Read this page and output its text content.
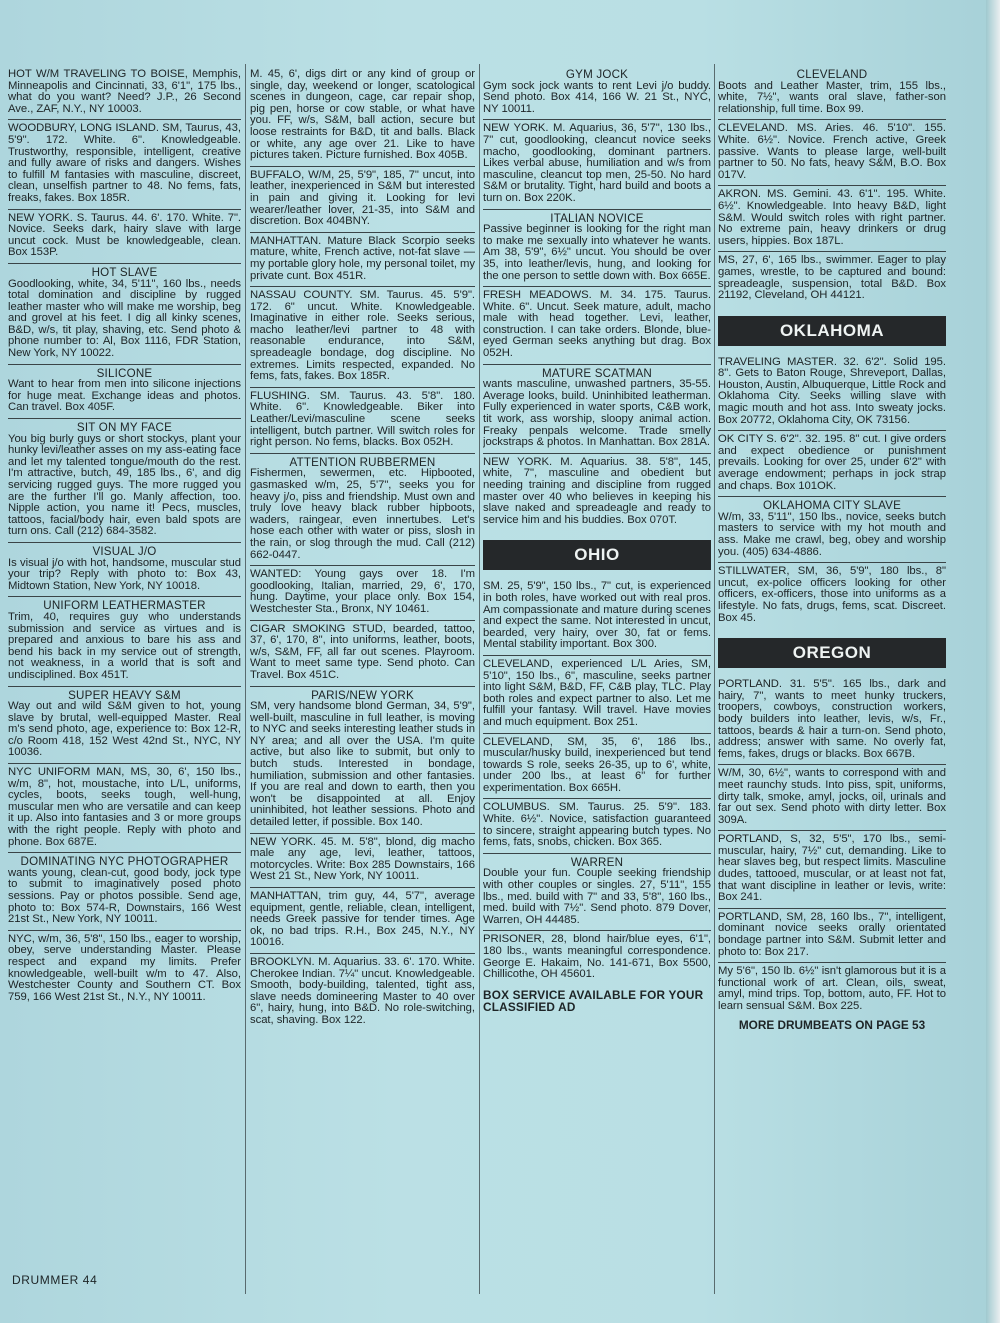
HOT W/M TRAVELING TO BOISE, Memphis, Minneapolis and Cincinnati, 33, 6'1", 175 lbs., what do you want? Need? J.P., 26 Second Ave., ZAF, N.Y., NY 10003.
WOODBURY, LONG ISLAND. SM, Taurus, 43, 5'9". 172. White. 6". Knowledgeable. Trustworthy, responsible, intelligent, creative and fully aware of risks and dangers. Wishes to fulfill M fantasies with masculine, discreet, clean, unselfish partner to 48. No fems, fats, freaks, fakes. Box 185R.
NEW YORK. S. Taurus. 44. 6'. 170. White. 7". Novice. Seeks dark, hairy slave with large uncut cock. Must be knowledgeable, clean. Box 153P.
HOT SLAVE
Goodlooking, white, 34, 5'11", 160 lbs., needs total domination and discipline by rugged leather master who will make me worship, beg and grovel at his feet. I dig all kinky scenes, B&D, w/s, tit play, shaving, etc. Send photo & phone number to: Al, Box 1116, FDR Station, New York, NY 10022.
SILICONE
Want to hear from men into silicone injections for huge meat. Exchange ideas and photos. Can travel. Box 405F.
SIT ON MY FACE
You big burly guys or short stockys, plant your hunky levi/leather asses on my ass-eating face and let my talented tongue/mouth do the rest. I'm attractive, butch, 49, 185 lbs., 6', and dig servicing rugged guys. The more rugged you are the further I'll go. Manly affection, too. Nipple action, you name it! Pecs, muscles, tattoos, facial/body hair, even bald spots are turn ons. Call (212) 684-3582.
VISUAL J/O
Is visual j/o with hot, handsome, muscular stud your trip? Reply with photo to: Box 43, Midtown Station, New York, NY 10018.
UNIFORM LEATHERMASTER
Trim, 40, requires guy who understands submission and service as virtues and is prepared and anxious to bare his ass and bend his back in my service out of strength, not weakness, in a world that is soft and undisciplined. Box 451T.
SUPER HEAVY S&M
Way out and wild S&M given to hot, young slave by brutal, well-equipped Master. Real m's send photo, age, experience to: Box 12-R, c/o Room 418, 152 West 42nd St., NYC, NY 10036.
NYC UNIFORM MAN, MS, 30, 6', 150 lbs., w/m, 8", hot, moustache, into L/L, uniforms, cycles, boots, seeks tough, well-hung, muscular men who are versatile and can keep it up. Also into fantasies and 3 or more groups with the right people. Reply with photo and phone. Box 687E.
DOMINATING NYC PHOTOGRAPHER
wants young, clean-cut, good body, jock type to submit to imaginatively posed photo sessions. Pay or photos possible. Send age, photo to: Box 574-R, Downstairs, 166 West 21st St., New York, NY 10011.
NYC, w/m, 36, 5'8", 150 lbs., eager to worship, obey, serve understanding Master. Please respect and expand my limits. Prefer knowledgeable, well-built w/m to 47. Also, Westchester County and Southern CT. Box 759, 166 West 21st St., N.Y., NY 10011.
M. 45, 6', digs dirt or any kind of group or single, day, weekend or longer, scatological scenes in dungeon, cage, car repair shop, pig pen, horse or cow stable, or what have you. FF, w/s, S&M, ball action, secure but loose restraints for B&D, tit and balls. Black or white, any age over 21. Like to have pictures taken. Picture furnished. Box 405B.
BUFFALO, W/M, 25, 5'9", 185, 7" uncut, into leather, inexperienced in S&M but interested in pain and giving it. Looking for levi wearer/leather lover, 21-35, into S&M and discretion. Box 404BNY.
MANHATTAN. Mature Black Scorpio seeks mature, white, French active, not-fat slave — my portable glory hole, my personal toilet, my private cunt. Box 451R.
NASSAU COUNTY. SM. Taurus. 45. 5'9". 172. 6" uncut. White. Knowledgeable. Imaginative in either role. Seeks serious, macho leather/levi partner to 48 with reasonable endurance, into S&M, spreadeagle bondage, dog discipline. No extremes. Limits respected, expanded. No fems, fats, fakes. Box 185R.
FLUSHING. SM. Taurus. 43. 5'8". 180. White. 6". Knowledgeable. Biker into Leather/Levi/masculine scene seeks intelligent, butch partner. Will switch roles for right person. No fems, blacks. Box 052H.
ATTENTION RUBBERMEN
Fishermen, sewermen, etc. Hipbooted, gasmasked w/m, 25, 5'7", seeks you for heavy j/o, piss and friendship. Must own and truly love heavy black rubber hipboots, waders, raingear, even innertubes. Let's hose each other with water or piss, slosh in the rain, or slog through the mud. Call (212) 662-0447.
WANTED: Young gays over 18. I'm goodlooking, Italian, married, 29, 6', 170, hung. Daytime, your place only. Box 154, Westchester Sta., Bronx, NY 10461.
CIGAR SMOKING STUD, bearded, tattoo, 37, 6', 170, 8", into uniforms, leather, boots, w/s, S&M, FF, all far out scenes. Playroom. Want to meet same type. Send photo. Can Travel. Box 451C.
PARIS/NEW YORK
SM, very handsome blond German, 34, 5'9", well-built, masculine in full leather, is moving to NYC and seeks interesting leather studs in NY area; and all over the USA. I'm quite active, but also like to submit, but only to butch studs. Interested in bondage, humiliation, submission and other fantasies. If you are real and down to earth, then you won't be disappointed at all. Enjoy uninhibited, hot leather sessions. Photo and detailed letter, if possible. Box 140.
NEW YORK. 45. M. 5'8", blond, dig macho male any age, levi, leather, tattoos, motorcycles. Write: Box 285 Downstairs, 166 West 21 St., New York, NY 10011.
MANHATTAN, trim guy, 44, 5'7", average equipment, gentle, reliable, clean, intelligent, needs Greek passive for tender times. Age ok, no bad trips. R.H., Box 245, N.Y., NY 10016.
BROOKLYN. M. Aquarius. 33. 6'. 170. White. Cherokee Indian. 7¼" uncut. Knowledgeable. Smooth, body-building, talented, tight ass, slave needs domineering Master to 40 over 6", hairy, hung, into B&D. No role-switching, scat, shaving. Box 122.
GYM JOCK
Gym sock jock wants to rent Levi j/o buddy. Send photo. Box 414, 166 W. 21 St., NYC, NY 10011.
NEW YORK. M. Aquarius, 36, 5'7", 130 lbs., 7" cut, goodlooking, cleancut novice seeks macho, goodlooking, dominant partners. Likes verbal abuse, humiliation and w/s from masculine, cleancut top men, 25-50. No hard S&M or brutality. Tight, hard build and boots a turn on. Box 220K.
ITALIAN NOVICE
Passive beginner is looking for the right man to make me sexually into whatever he wants. Am 38, 5'9", 6½" uncut. You should be over 35, into leather/levis, hung, and looking for the one person to settle down with. Box 665E.
FRESH MEADOWS. M. 34. 175. Taurus. White. 6". Uncut. Seek mature, adult, macho male with head together. Levi, leather, construction. I can take orders. Blonde, blue-eyed German seeks anything but drag. Box 052H.
MATURE SCATMAN
wants masculine, unwashed partners, 35-55. Average looks, build. Uninhibited leatherman. Fully experienced in water sports, C&B work, tit work, ass worship, sloopy animal action. Freaky penpals welcome. Trade smelly jockstraps & photos. In Manhattan. Box 281A.
NEW YORK. M. Aquarius. 38. 5'8", 145, white, 7", masculine and obedient but needing training and discipline from rugged master over 40 who believes in keeping his slave naked and spreadeagle and ready to service him and his buddies. Box 070T.
OHIO
SM. 25, 5'9", 150 lbs., 7" cut, is experienced in both roles, have worked out with real pros. Am compassionate and mature during scenes and expect the same. Not interested in uncut, bearded, very hairy, over 30, fat or fems. Mental stability important. Box 300.
CLEVELAND, experienced L/L Aries, SM, 5'10", 150 lbs., 6", masculine, seeks partner into light S&M, B&D, FF, C&B play, TLC. Play both roles and expect partner to also. Let me fulfill your fantasy. Will travel. Have movies and much equipment. Box 251.
CLEVELAND, SM, 35, 6', 186 lbs., muscular/husky build, inexperienced but tend towards S role, seeks 26-35, up to 6', white, under 200 lbs., at least 6" for further experimentation. Box 665H.
COLUMBUS. SM. Taurus. 25. 5'9". 183. White. 6½". Novice, satisfaction guaranteed to sincere, straight appearing butch types. No fems, fats, snobs, chicken. Box 365.
WARREN
Double your fun. Couple seeking friendship with other couples or singles. 27, 5'11", 155 lbs., med. build with 7" and 33, 5'8", 160 lbs., med. build with 7½". Send photo. 879 Dover, Warren, OH 44485.
PRISONER, 28, blond hair/blue eyes, 6'1", 180 lbs., wants meaningful correspondence. George E. Hakaim, No. 141-671, Box 5500, Chillicothe, OH 45601.
BOX SERVICE AVAILABLE FOR YOUR CLASSIFIED AD
CLEVELAND
Boots and Leather Master, trim, 155 lbs., white, 7½", wants oral slave, father-son relationship, full time. Box 99.
CLEVELAND. MS. Aries. 46. 5'10". 155. White. 6½". Novice. French active, Greek passive. Wants to please large, well-built partner to 50. No fats, heavy S&M, B.O. Box 017V.
AKRON. MS. Gemini. 43. 6'1". 195. White. 6½". Knowledgeable. Into heavy B&D, light S&M. Would switch roles with right partner. No extreme pain, heavy drinkers or drug users, hippies. Box 187L.
MS, 27, 6', 165 lbs., swimmer. Eager to play games, wrestle, to be captured and bound: spreadeagle, suspension, total B&D. Box 21192, Cleveland, OH 44121.
OKLAHOMA
TRAVELING MASTER. 32. 6'2". Solid 195. 8". Gets to Baton Rouge, Shreveport, Dallas, Houston, Austin, Albuquerque, Little Rock and Oklahoma City. Seeks willing slave with magic mouth and hot ass. Into sweaty jocks. Box 20772, Oklahoma City, OK 73156.
OK CITY S. 6'2". 32. 195. 8" cut. I give orders and expect obedience or punishment prevails. Looking for over 25, under 6'2" with average endowment; perhaps in jock strap and chaps. Box 101OK.
OKLAHOMA CITY SLAVE
W/m, 33, 5'11", 150 lbs., novice, seeks butch masters to service with my hot mouth and ass. Make me crawl, beg, obey and worship you. (405) 634-4886.
STILLWATER, SM, 36, 5'9", 180 lbs., 8" uncut, ex-police officers looking for other officers, ex-officers, those into uniforms as a lifestyle. No fats, drugs, fems, scat. Discreet. Box 45.
OREGON
PORTLAND. 31. 5'5". 165 lbs., dark and hairy, 7", wants to meet hunky truckers, troopers, cowboys, construction workers, body builders into leather, levis, w/s, Fr., tattoos, beards & hair a turn-on. Send photo, address; answer with same. No overly fat, fems, fakes, drugs or blacks. Box 667B.
W/M, 30, 6½", wants to correspond with and meet raunchy studs. Into piss, spit, uniforms, dirty talk, smoke, amyl, jocks, oil, urinals and far out sex. Send photo with dirty letter. Box 309A.
PORTLAND, S, 32, 5'5", 170 lbs., semi-muscular, hairy, 7½" cut, demanding. Like to hear slaves beg, but respect limits. Masculine dudes, tattooed, muscular, or at least not fat, that want discipline in leather or levis, write: Box 241.
PORTLAND, SM, 28, 160 lbs., 7", intelligent, dominant novice seeks orally orientated bondage partner into S&M. Submit letter and photo to: Box 217.
My 5'6", 150 lb. 6½" isn't glamorous but it is a functional work of art. Clean, oils, sweat, amyl, mind trips. Top, bottom, auto, FF. Hot to learn sensual S&M. Box 225.
MORE DRUMBEATS ON PAGE 53
DRUMMER 44
